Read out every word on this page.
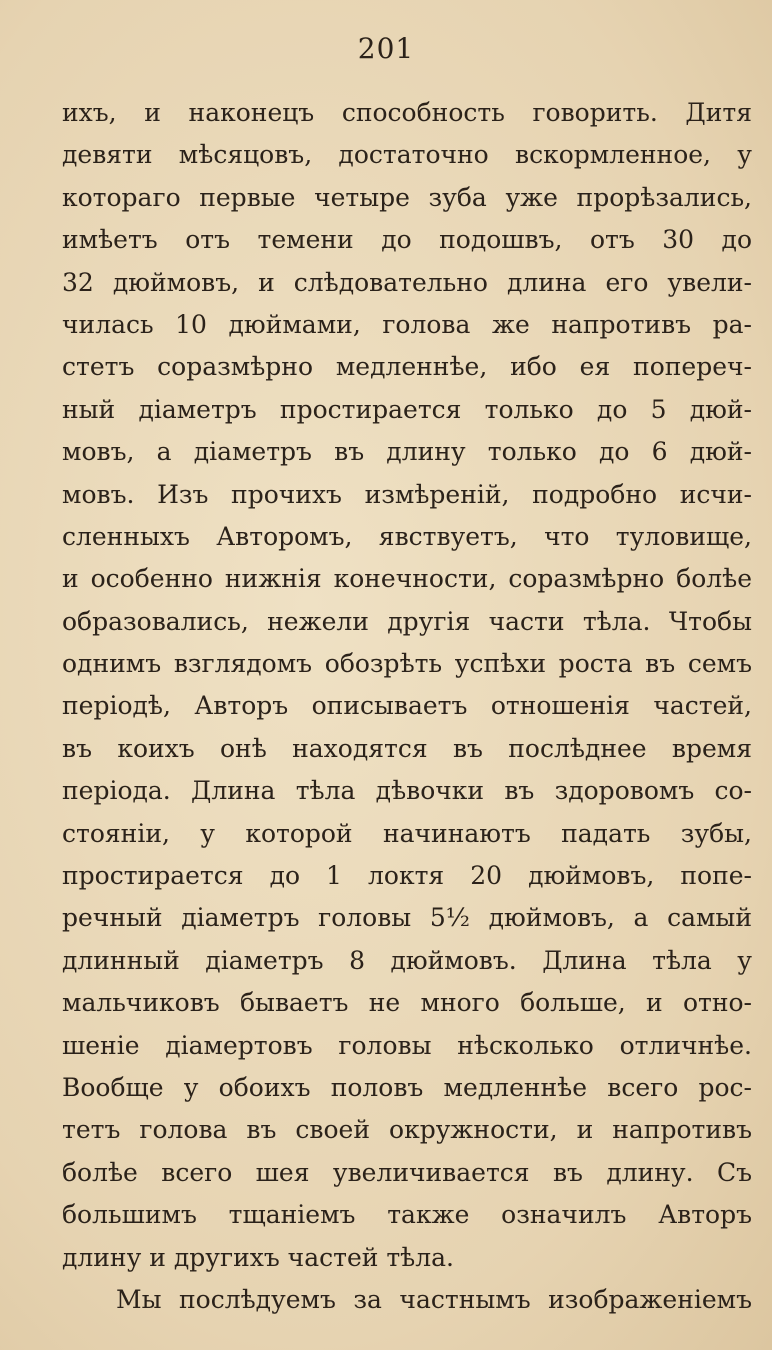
201
ихъ, и наконецъ способность говорить. Дитя
девяти мѣсяцовъ, достаточно вскормленное, у
котораго первые четыре зуба уже прорѣзались,
имѣетъ отъ темени до подошвъ, отъ 30 до
32 дюймовъ, и слѣдовательно длина его увели-
чилась 10 дюймами, голова же напротивъ ра-
стетъ соразмѣрно медленнѣе, ибо ея попереч-
ный діаметръ простирается только до 5 дюй-
мовъ, а діаметръ въ длину только до 6 дюй-
мовъ. Изъ прочихъ измѣреній, подробно исчи-
сленныхъ Авторомъ, явствуетъ, что туловище,
и особенно нижнія конечности, соразмѣрно болѣе
образовались, нежели другія части тѣла. Чтобы
однимъ взглядомъ обозрѣть успѣхи роста въ семъ
періодѣ, Авторъ описываетъ отношенія частей,
въ коихъ онѣ находятся въ послѣднее время
періода. Длина тѣла дѣвочки въ здоровомъ со-
стояніи, у которой начинаютъ падать зубы,
простирается до 1 локтя 20 дюймовъ, попе-
речный діаметръ головы 5½ дюймовъ, а самый
длинный діаметръ 8 дюймовъ. Длина тѣла у
мальчиковъ бываетъ не много больше, и отно-
шеніе діамертовъ головы нѣсколько отличнѣе.
Вообще у обоихъ половъ медленнѣе всего рос-
тетъ голова въ своей окружности, и напротивъ
болѣе всего шея увеличивается въ длину. Съ
большимъ тщаніемъ также означилъ Авторъ
длину и другихъ частей тѣла.
Мы послѣдуемъ за частнымъ изображеніемъ
